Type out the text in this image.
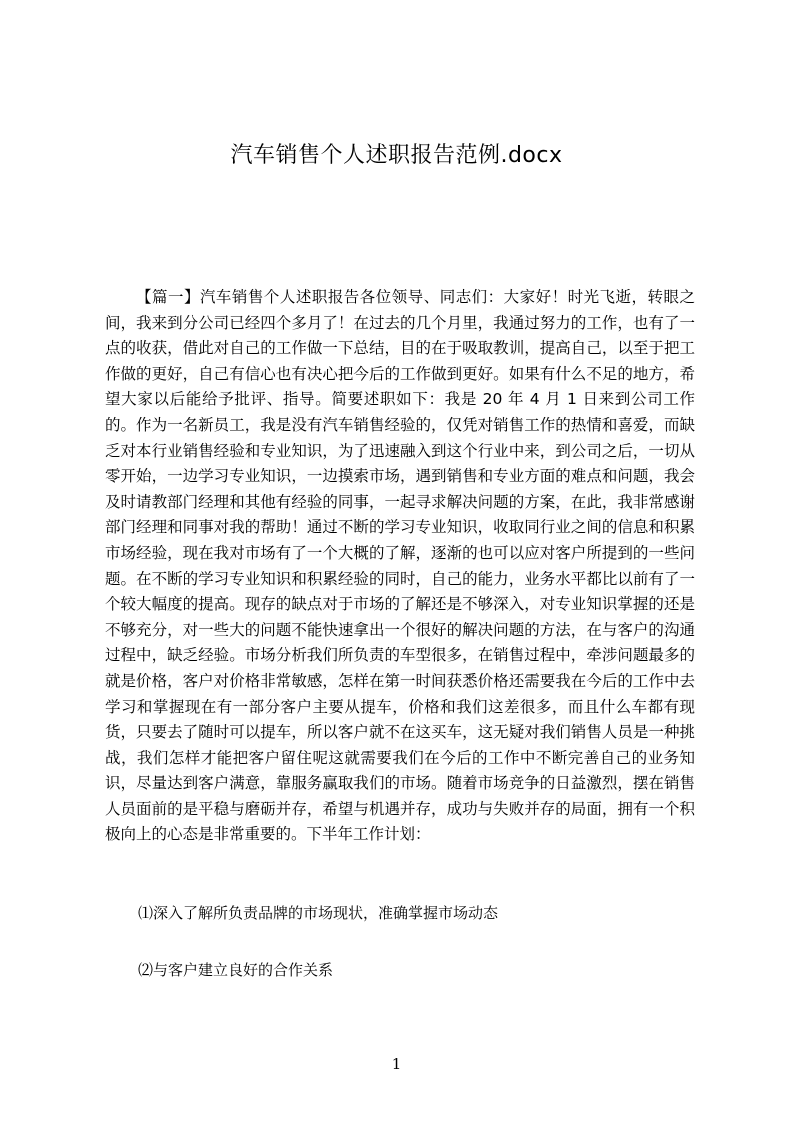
汽车销售个人述职报告范例.docx

【篇一】汽车销售个人述职报告各位领导、同志们：大家好！时光飞逝，转眼之间，我来到分公司已经四个多月了！在过去的几个月里，我通过努力的工作，也有了一点的收获，借此对自己的工作做一下总结，目的在于吸取教训，提高自己，以至于把工作做的更好，自己有信心也有决心把今后的工作做到更好。如果有什么不足的地方，希望大家以后能给予批评、指导。简要述职如下：我是 20 年 4 月 1 日来到公司工作的。作为一名新员工，我是没有汽车销售经验的，仅凭对销售工作的热情和喜爱，而缺乏对本行业销售经验和专业知识，为了迅速融入到这个行业中来，到公司之后，一切从零开始，一边学习专业知识，一边摸索市场，遇到销售和专业方面的难点和问题，我会及时请教部门经理和其他有经验的同事，一起寻求解决问题的方案，在此，我非常感谢部门经理和同事对我的帮助！通过不断的学习专业知识，收取同行业之间的信息和积累市场经验，现在我对市场有了一个大概的了解，逐渐的也可以应对客户所提到的一些问题。在不断的学习专业知识和积累经验的同时，自己的能力，业务水平都比以前有了一个较大幅度的提高。现存的缺点对于市场的了解还是不够深入，对专业知识掌握的还是不够充分，对一些大的问题不能快速拿出一个很好的解决问题的方法，在与客户的沟通过程中，缺乏经验。市场分析我们所负责的车型很多，在销售过程中，牵涉问题最多的就是价格，客户对价格非常敏感，怎样在第一时间获悉价格还需要我在今后的工作中去学习和掌握现在有一部分客户主要从提车，价格和我们这差很多，而且什么车都有现货，只要去了随时可以提车，所以客户就不在这买车，这无疑对我们销售人员是一种挑战，我们怎样才能把客户留住呢这就需要我们在今后的工作中不断完善自己的业务知识，尽量达到客户满意，靠服务赢取我们的市场。随着市场竞争的日益激烈，摆在销售人员面前的是平稳与磨砺并存，希望与机遇并存，成功与失败并存的局面，拥有一个积极向上的心态是非常重要的。下半年工作计划：

⑴深入了解所负责品牌的市场现状，准确掌握市场动态

⑵与客户建立良好的合作关系

1
